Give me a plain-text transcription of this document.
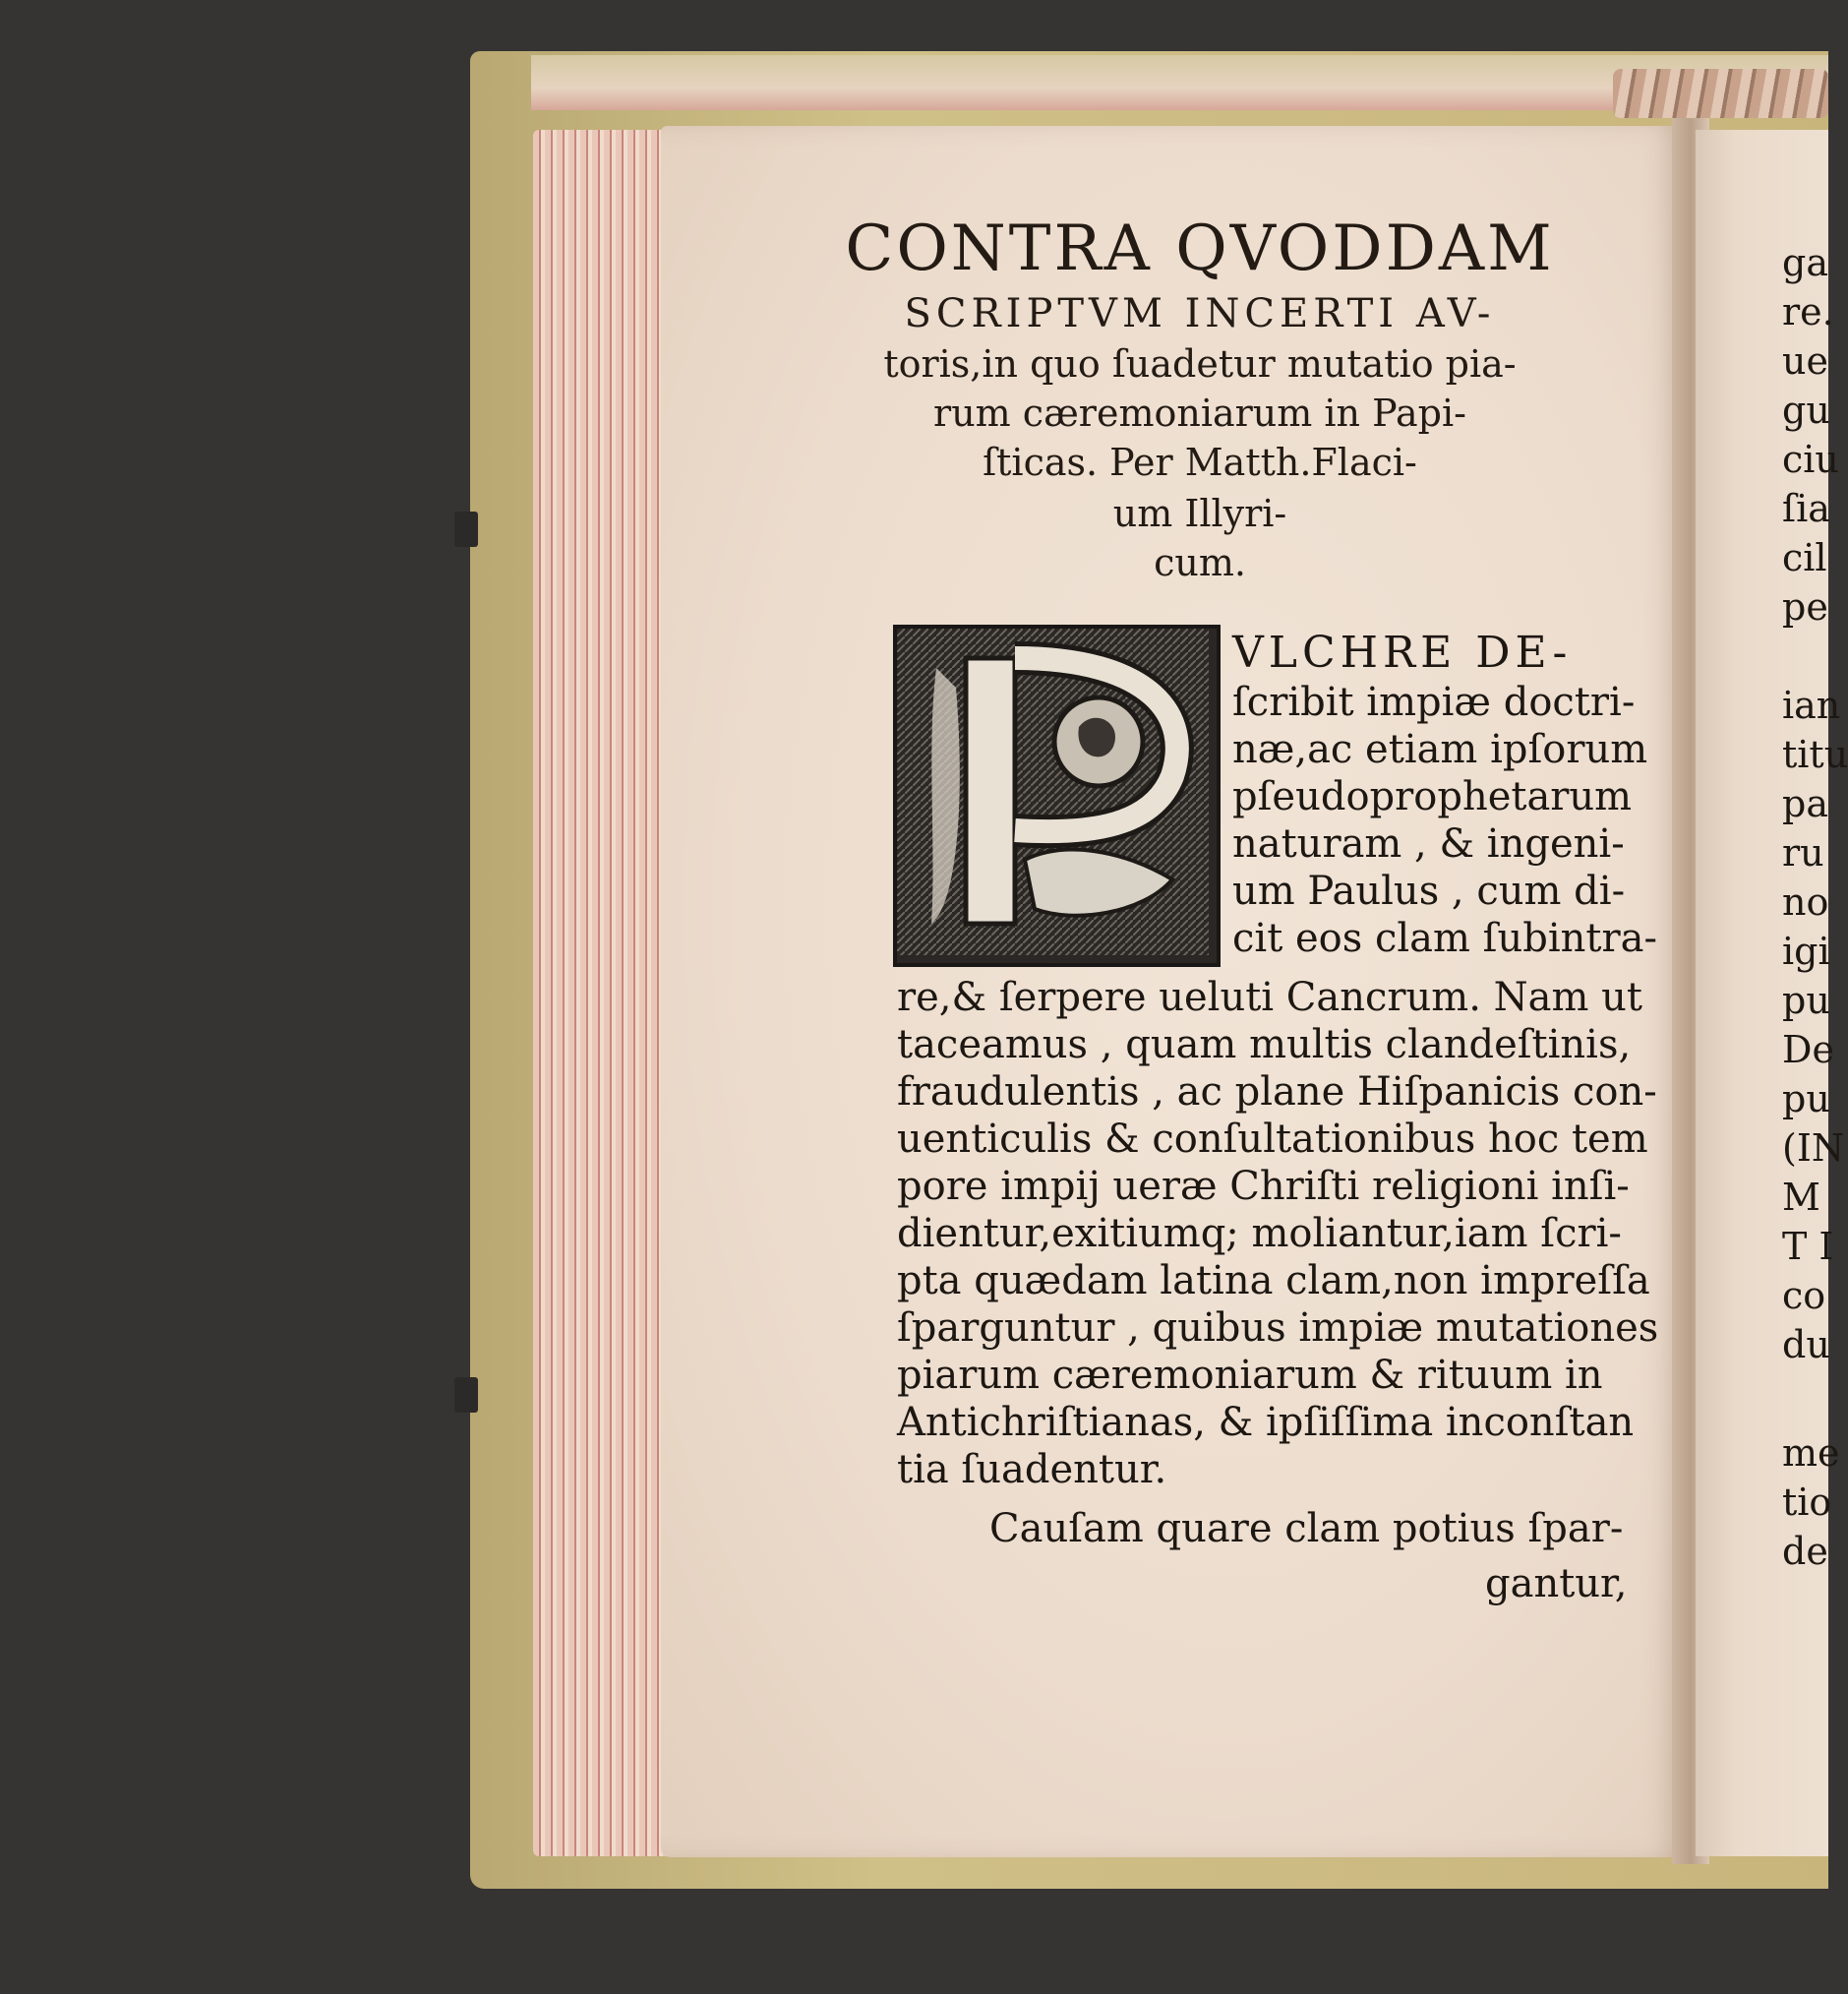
CONTRA QVODDAM
SCRIPTVM INCERTI AV-
toris,in quo ſuadetur mutatio pia-
rum cæremoniarum in Papi-
ſticas. Per Matth.Flaci-
um Illyri-
cum.
VLCHRE DE-
ſcribit impiæ doctri-
næ,ac etiam ipſorum
pſeudoprophetarum
naturam , & ingeni-
um Paulus , cum di-
cit eos clam ſubintra-
re,& ſerpere ueluti Cancrum. Nam ut
taceamus , quam multis clandeſtinis,
fraudulentis , ac plane Hiſpanicis con-
uenticulis & conſultationibus hoc tem
pore impij ueræ Chriſti religioni inſi-
dientur,exitiumq; moliantur,iam ſcri-
pta quædam latina clam,non impreſſa
ſparguntur , quibus impiæ mutationes
piarum cæremoniarum & rituum in
Antichriſtianas, & ipſiſſima inconſtan
tia ſuadentur.
Cauſam quare clam potius ſpar-
gantur,
ga
re.
ue
gu
ciu
ſia
cil
pe
ian
titu
pa
ru
no
igi
pu
De
pu
(IN
M
T I
co
du
me
tio
de
